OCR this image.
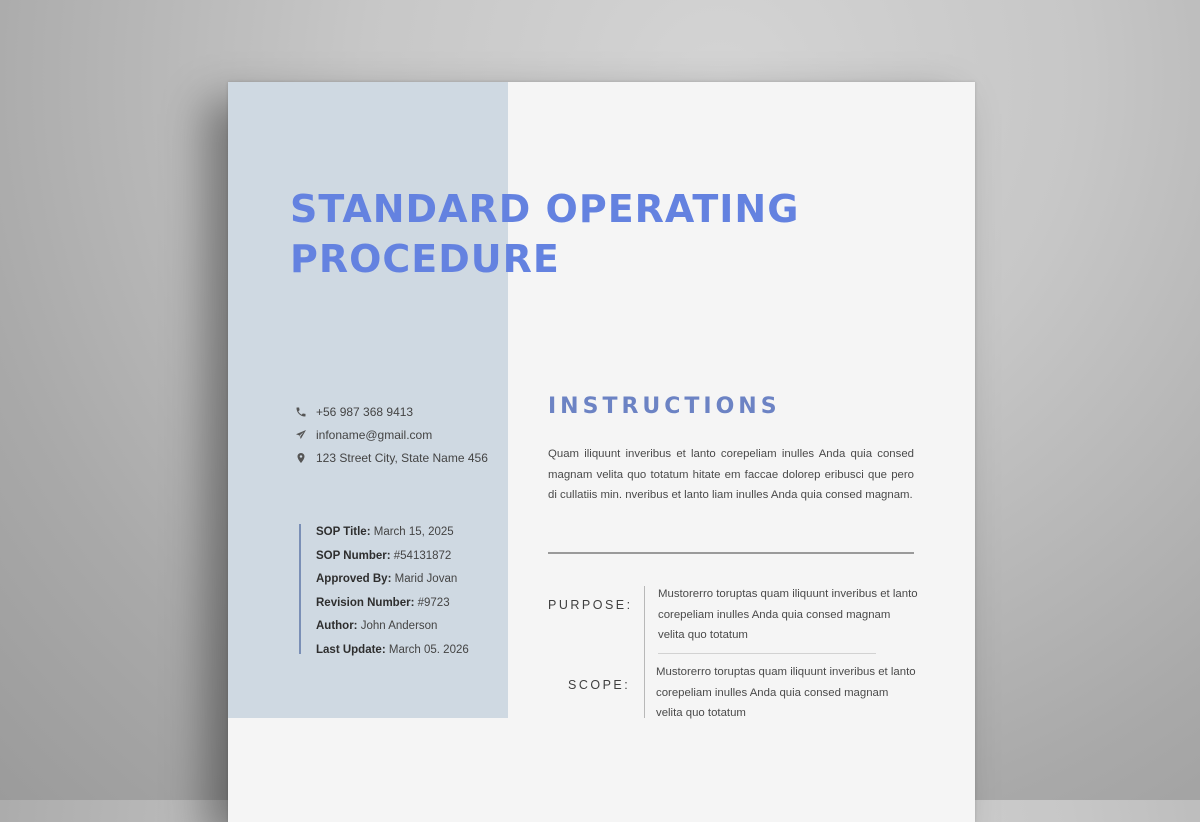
STANDARD OPERATING
PROCEDURE
+56 987 368 9413
infoname@gmail.com
123 Street City, State Name 456
SOP Title: March 15, 2025
SOP Number: #54131872
Approved By: Marid Jovan
Revision Number: #9723
Author: John Anderson
Last Update: March 05. 2026
INSTRUCTIONS

Quam iliquunt inveribus et lanto corepeliam inulles Anda quia consed magnam velita quo totatum hitate em faccae dolorep eribusci que pero di cullatiis min. nveribus et lanto liam inulles Anda quia consed magnam.

PURPOSE:

Mustorerro toruptas quam iliquunt inveribus et lanto corepeliam inulles Anda quia consed magnam velita quo totatum

SCOPE:

Mustorerro toruptas quam iliquunt inveribus et lanto corepeliam inulles Anda quia consed magnam velita quo totatum
